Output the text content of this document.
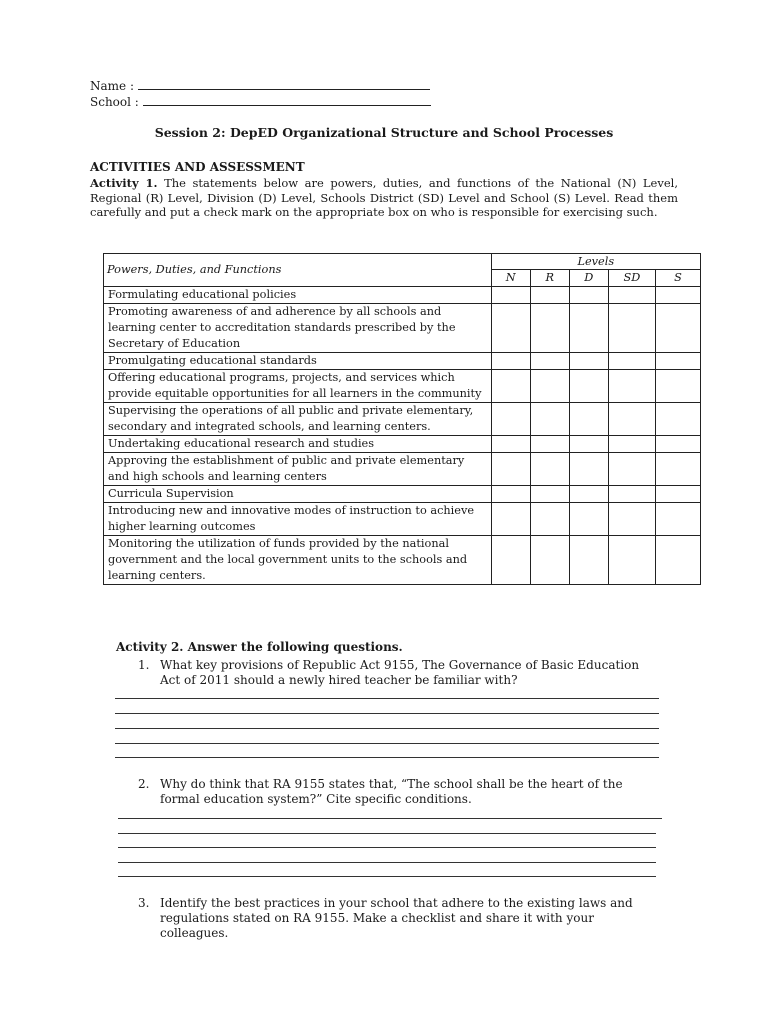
Name :
School :
Session 2: DepED Organizational Structure and School Processes
ACTIVITIES AND ASSESSMENT
Activity 1. The statements below are powers, duties, and functions of the National (N) Level, Regional (R) Level, Division (D) Level, Schools District (SD) Level and School (S) Level. Read them carefully and put a check mark on the appropriate box on who is responsible for exercising such.
Powers, Duties, and Functions	Levels				
	N	R	D	SD	S
Formulating educational policies					
Promoting awareness of and adherence by all schools and learning center to accreditation standards prescribed by the Secretary of Education					
Promulgating educational standards					
Offering educational programs, projects, and services which provide equitable opportunities for all learners in the community					
Supervising the operations of all public and private elementary, secondary and integrated schools, and learning centers.					
Undertaking educational research and studies					
Approving the establishment of public and private elementary and high schools and learning centers					
Curricula Supervision					
Introducing new and innovative modes of instruction to achieve higher learning outcomes					
Monitoring the utilization of funds provided by the national government and the local government units to the schools and learning centers.					
Activity 2. Answer the following questions.
1. What key provisions of Republic Act 9155, The Governance of Basic Education Act of 2011 should a newly hired teacher be familiar with?
2. Why do think that RA 9155 states that, “The school shall be the heart of the formal education system?” Cite specific conditions.
3. Identify the best practices in your school that adhere to the existing laws and regulations stated on RA 9155. Make a checklist and share it with your colleagues.
